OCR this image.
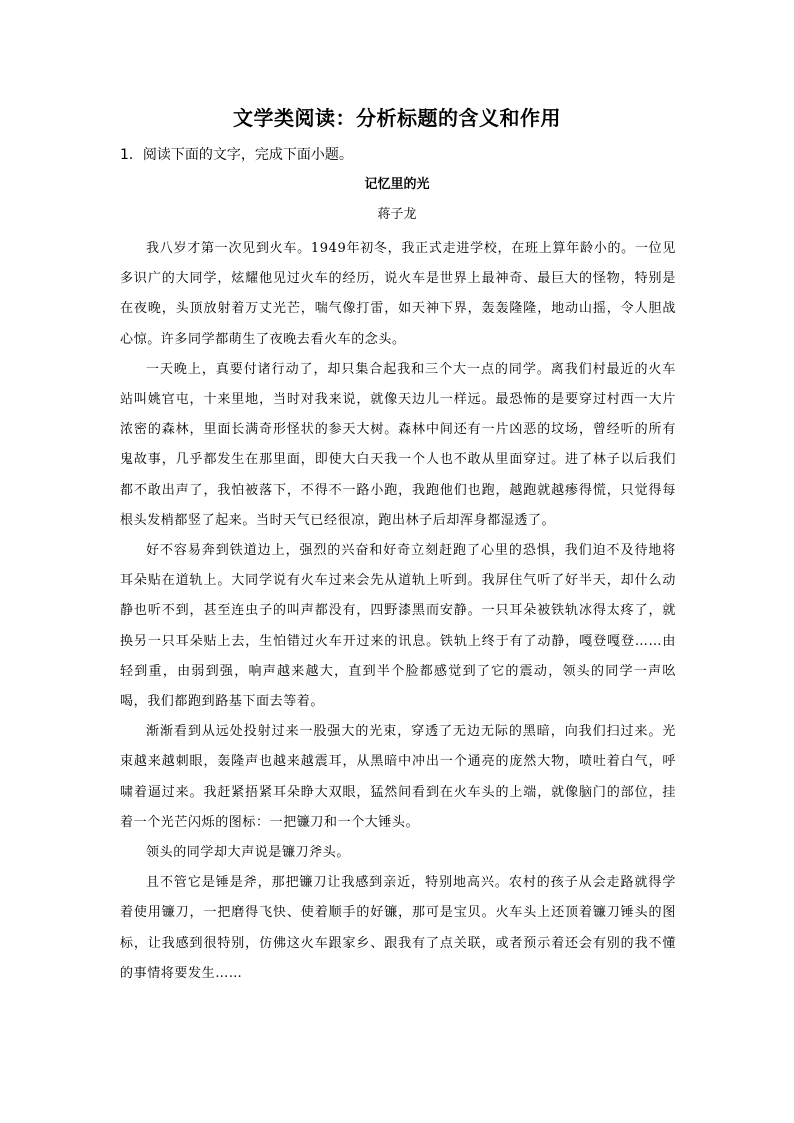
文学类阅读：分析标题的含义和作用
1．阅读下面的文字，完成下面小题。
记忆里的光
蒋子龙

我八岁才第一次见到火车。1949年初冬，我正式走进学校，在班上算年龄小的。一位见多识广的大同学，炫耀他见过火车的经历，说火车是世界上最神奇、最巨大的怪物，特别是在夜晚，头顶放射着万丈光芒，喘气像打雷，如天神下界，轰轰隆隆，地动山摇，令人胆战心惊。许多同学都萌生了夜晚去看火车的念头。

一天晚上，真要付诸行动了，却只集合起我和三个大一点的同学。离我们村最近的火车站叫姚官屯，十来里地，当时对我来说，就像天边儿一样远。最恐怖的是要穿过村西一大片浓密的森林，里面长满奇形怪状的参天大树。森林中间还有一片凶恶的坟场，曾经听的所有鬼故事，几乎都发生在那里面，即使大白天我一个人也不敢从里面穿过。进了林子以后我们都不敢出声了，我怕被落下，不得不一路小跑，我跑他们也跑，越跑就越瘆得慌，只觉得每根头发梢都竖了起来。当时天气已经很凉，跑出林子后却浑身都湿透了。

好不容易奔到铁道边上，强烈的兴奋和好奇立刻赶跑了心里的恐惧，我们迫不及待地将耳朵贴在道轨上。大同学说有火车过来会先从道轨上听到。我屏住气听了好半天，却什么动静也听不到，甚至连虫子的叫声都没有，四野漆黑而安静。一只耳朵被铁轨冰得太疼了，就换另一只耳朵贴上去，生怕错过火车开过来的讯息。铁轨上终于有了动静，嘎登嘎登……由轻到重，由弱到强，响声越来越大，直到半个脸都感觉到了它的震动，领头的同学一声吆喝，我们都跑到路基下面去等着。

渐渐看到从远处投射过来一股强大的光束，穿透了无边无际的黑暗，向我们扫过来。光束越来越刺眼，轰隆声也越来越震耳，从黑暗中冲出一个通亮的庞然大物，喷吐着白气，呼啸着逼过来。我赶紧捂紧耳朵睁大双眼，猛然间看到在火车头的上端，就像脑门的部位，挂着一个光芒闪烁的图标：一把镰刀和一个大锤头。

领头的同学却大声说是镰刀斧头。

且不管它是锤是斧，那把镰刀让我感到亲近，特别地高兴。农村的孩子从会走路就得学着使用镰刀，一把磨得飞快、使着顺手的好镰，那可是宝贝。火车头上还顶着镰刀锤头的图标，让我感到很特别，仿佛这火车跟家乡、跟我有了点关联，或者预示着还会有别的我不懂的事情将要发生……
